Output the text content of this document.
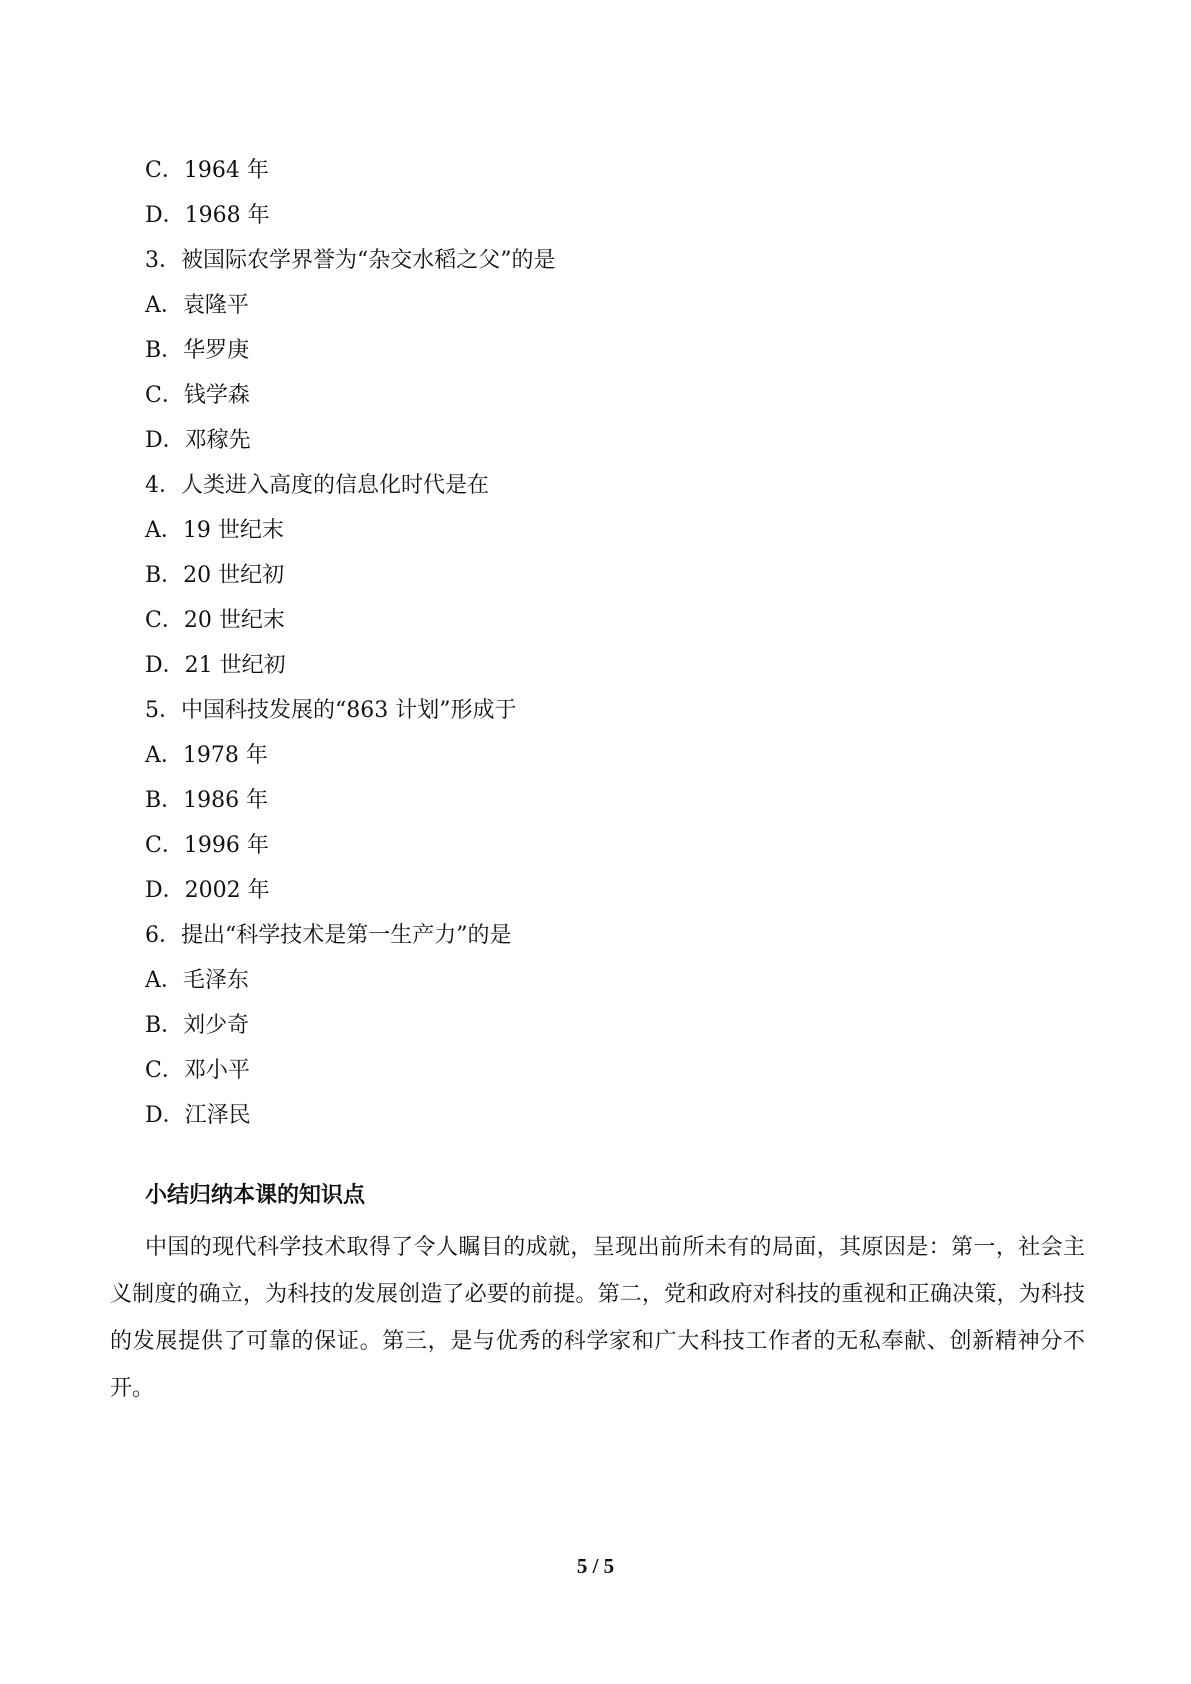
C．1964 年
D．1968 年
3．被国际农学界誉为“杂交水稻之父”的是
A．袁隆平
B．华罗庚
C．钱学森
D．邓稼先
4．人类进入高度的信息化时代是在
A．19 世纪末
B．20 世纪初
C．20 世纪末
D．21 世纪初
5．中国科技发展的“863 计划”形成于
A．1978 年
B．1986 年
C．1996 年
D．2002 年
6．提出“科学技术是第一生产力”的是
A．毛泽东
B．刘少奇
C．邓小平
D．江泽民
小结归纳本课的知识点
中国的现代科学技术取得了令人瞩目的成就，呈现出前所未有的局面，其原因是：第一，社会主义制度的确立，为科技的发展创造了必要的前提。第二，党和政府对科技的重视和正确决策，为科技的发展提供了可靠的保证。第三，是与优秀的科学家和广大科技工作者的无私奉献、创新精神分不开。
5 / 5
